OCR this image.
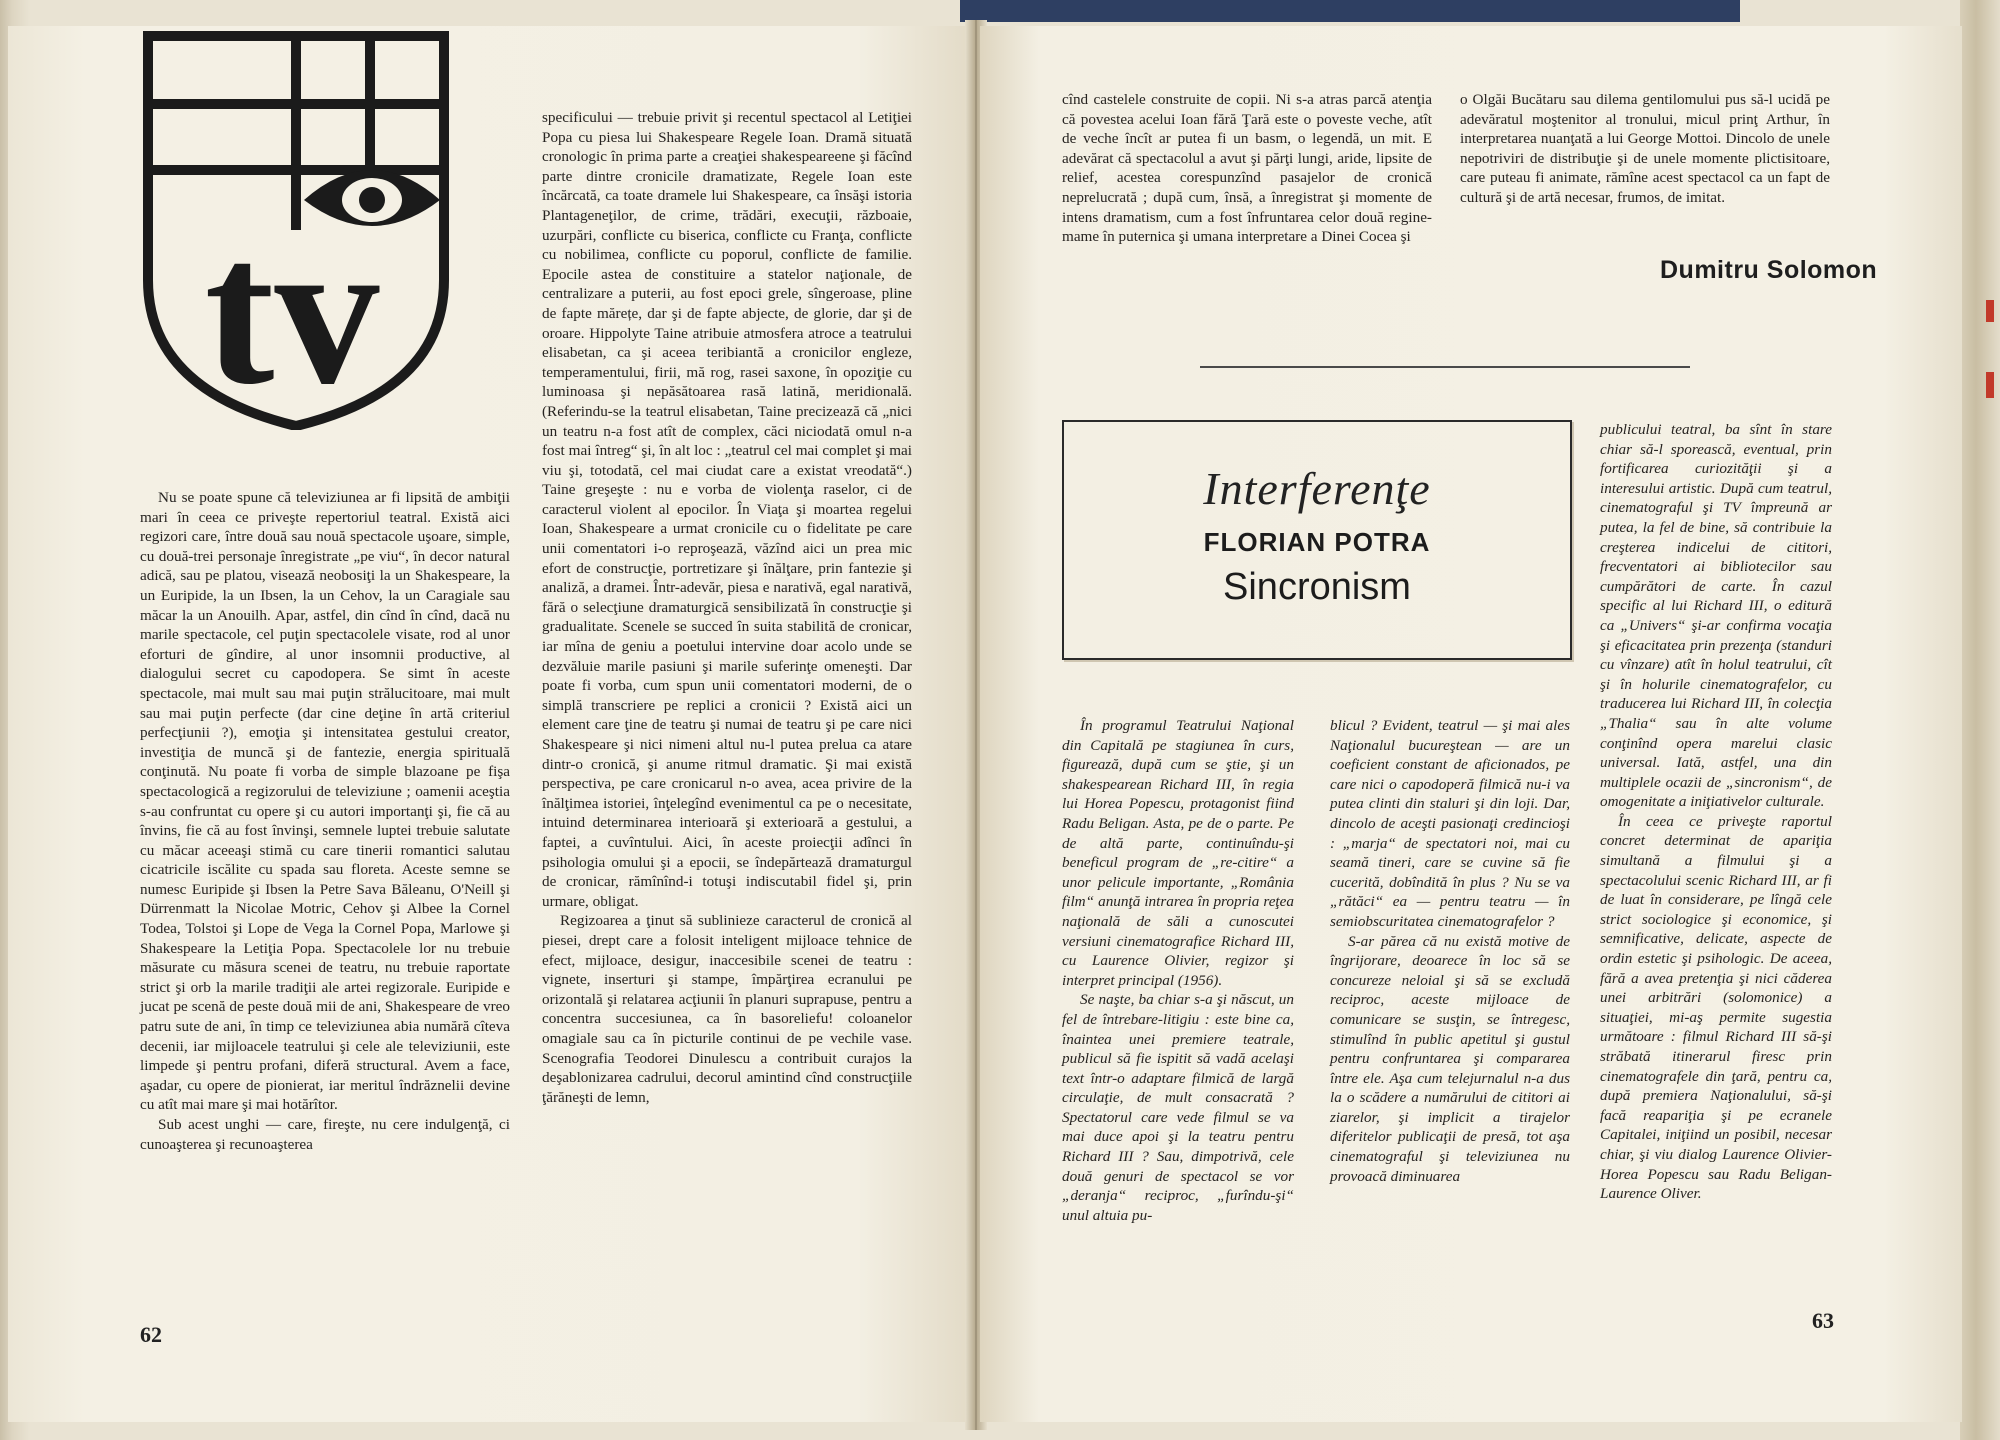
tv

Nu se poate spune că televiziunea ar fi lipsită de ambiţii mari în ceea ce priveşte repertoriul teatral. Există aici regizori care, între două sau nouă spectacole uşoare, simple, cu două-trei personaje înregistrate „pe viu“, în decor natural adică, sau pe platou, visează neobosiţi la un Shakespeare, la un Euripide, la un Ibsen, la un Cehov, la un Caragiale sau măcar la un Anouilh. Apar, astfel, din cînd în cînd, dacă nu marile spectacole, cel puţin spectacolele visate, rod al unor eforturi de gîndire, al unor insomnii productive, al dialogului secret cu capodopera. Se simt în aceste spectacole, mai mult sau mai puţin strălucitoare, mai mult sau mai puţin perfecte (dar cine deţine în artă criteriul perfecţiunii ?), emoţia şi intensitatea gestului creator, investiţia de muncă şi de fantezie, energia spirituală conţinută. Nu poate fi vorba de simple blazoane pe fişa spectacologică a regizorului de televiziune ; oamenii aceştia s-au confruntat cu opere şi cu autori importanţi şi, fie că au învins, fie că au fost învinşi, semnele luptei trebuie salutate cu măcar aceeaşi stimă cu care tinerii romantici salutau cicatricile iscălite cu spada sau floreta. Aceste semne se numesc Euripide şi Ibsen la Petre Sava Băleanu, O'Neill şi Dürrenmatt la Nicolae Motric, Cehov şi Albee la Cornel Todea, Tolstoi şi Lope de Vega la Cornel Popa, Marlowe şi Shakespeare la Letiţia Popa. Spectacolele lor nu trebuie măsurate cu măsura scenei de teatru, nu trebuie raportate strict şi orb la marile tradiţii ale artei regizorale. Euripide e jucat pe scenă de peste două mii de ani, Shakespeare de vreo patru sute de ani, în timp ce televiziunea abia numără cîteva decenii, iar mijloacele teatrului şi cele ale televiziunii, este limpede şi pentru profani, diferă structural. Avem a face, aşadar, cu opere de pionierat, iar meritul îndrăznelii devine cu atît mai mare şi mai hotărîtor.

Sub acest unghi — care, fireşte, nu cere indulgenţă, ci cunoaşterea şi recunoaşterea

specificului — trebuie privit şi recentul spectacol al Letiţiei Popa cu piesa lui Shakespeare Regele Ioan. Dramă situată cronologic în prima parte a creaţiei shakespeareene şi făcînd parte dintre cronicile dramatizate, Regele Ioan este încărcată, ca toate dramele lui Shakespeare, ca însăşi istoria Plantageneţilor, de crime, trădări, execuţii, războaie, uzurpări, conflicte cu biserica, conflicte cu Franţa, conflicte cu nobilimea, conflicte cu poporul, conflicte de familie. Epocile astea de constituire a statelor naţionale, de centralizare a puterii, au fost epoci grele, sîngeroase, pline de fapte mărețe, dar şi de fapte abjecte, de glorie, dar şi de oroare. Hippolyte Taine atribuie atmosfera atroce a teatrului elisabetan, ca şi aceea teribiantă a cronicilor engleze, temperamentului, firii, mă rog, rasei saxone, în opoziţie cu luminoasa şi nepăsătoarea rasă latină, meridională. (Referindu-se la teatrul elisabetan, Taine precizează că „nici un teatru n-a fost atît de complex, căci niciodată omul n-a fost mai întreg“ şi, în alt loc : „teatrul cel mai complet şi mai viu şi, totodată, cel mai ciudat care a existat vreodată“.) Taine greşeşte : nu e vorba de violenţa raselor, ci de caracterul violent al epocilor. În Viaţa şi moartea regelui Ioan, Shakespeare a urmat cronicile cu o fidelitate pe care unii comentatori i-o reproşează, văzînd aici un prea mic efort de construcţie, portretizare şi înălţare, prin fantezie şi analiză, a dramei. Într-adevăr, piesa e narativă, egal narativă, fără o selecţiune dramaturgică sensibilizată în construcţie şi gradualitate. Scenele se succed în suita stabilită de cronicar, iar mîna de geniu a poetului intervine doar acolo unde se dezvăluie marile pasiuni şi marile suferinţe omeneşti. Dar poate fi vorba, cum spun unii comentatori moderni, de o simplă transcriere pe replici a cronicii ? Există aici un element care ţine de teatru şi numai de teatru şi pe care nici Shakespeare şi nici nimeni altul nu-l putea prelua ca atare dintr-o cronică, şi anume ritmul dramatic. Şi mai există perspectiva, pe care cronicarul n-o avea, acea privire de la înălţimea istoriei, înţelegînd evenimentul ca pe o necesitate, intuind determinarea interioară şi exterioară a gestului, a faptei, a cuvîntului. Aici, în aceste proiecţii adînci în psihologia omului şi a epocii, se îndepărtează dramaturgul de cronicar, rămînînd-i totuşi indiscutabil fidel şi, prin urmare, obligat.

Regizoarea a ţinut să sublinieze caracterul de cronică al piesei, drept care a folosit inteligent mijloace tehnice de efect, mijloace, desigur, inaccesibile scenei de teatru : vignete, inserturi şi stampe, împărţirea ecranului pe orizontală şi relatarea acţiunii în planuri suprapuse, pentru a concentra succesiunea, ca în basoreliefu! coloanelor omagiale sau ca în picturile continui de pe vechile vase. Scenografia Teodorei Dinulescu a contribuit curajos la deşablonizarea cadrului, decorul amintind cînd construcţiile ţărăneşti de lemn,

62

cînd castelele construite de copii. Ni s-a atras parcă atenţia că povestea acelui Ioan fără Ţară este o poveste veche, atît de veche încît ar putea fi un basm, o legendă, un mit. E adevărat că spectacolul a avut şi părţi lungi, aride, lipsite de relief, acestea corespunzînd pasajelor de cronică neprelucrată ; după cum, însă, a înregistrat şi momente de intens dramatism, cum a fost înfruntarea celor două regine-mame în puternica şi umana interpretare a Dinei Cocea şi

o Olgăi Bucătaru sau dilema gentilomului pus să-l ucidă pe adevăratul moştenitor al tronului, micul prinţ Arthur, în interpretarea nuanţată a lui George Mottoi. Dincolo de unele nepotriviri de distribuţie şi de unele momente plictisitoare, care puteau fi animate, rămîne acest spectacol ca un fapt de cultură şi de artă necesar, frumos, de imitat.

Dumitru Solomon
Interferenţe
FLORIAN POTRA
Sincronism

publicului teatral, ba sînt în stare chiar să-l sporească, eventual, prin fortificarea curiozităţii şi a interesului artistic. După cum teatrul, cinematograful şi TV împreună ar putea, la fel de bine, să contribuie la creşterea indicelui de cititori, frecventatori ai bibliotecilor sau cumpărători de carte. În cazul specific al lui Richard III, o editură ca „Univers“ şi-ar confirma vocaţia şi eficacitatea prin prezenţa (standuri cu vînzare) atît în holul teatrului, cît şi în holurile cinematografelor, cu traducerea lui Richard III, în colecţia „Thalia“ sau în alte volume conţinînd opera marelui clasic universal. Iată, astfel, una din multiplele ocazii de „sincronism“, de omogenitate a iniţiativelor culturale.

În ceea ce priveşte raportul concret determinat de apariţia simultană a filmului şi a spectacolului scenic Richard III, ar fi de luat în considerare, pe lîngă cele strict sociologice şi economice, şi semnificative, delicate, aspecte de ordin estetic şi psihologic. De aceea, fără a avea pretenţia şi nici căderea unei arbitrări (solomonice) a situaţiei, mi-aş permite sugestia următoare : filmul Richard III să-şi străbată itinerarul firesc prin cinematografele din ţară, pentru ca, după premiera Naţionalului, să-şi facă reapariţia şi pe ecranele Capitalei, iniţiind un posibil, necesar chiar, şi viu dialog Laurence Olivier-Horea Popescu sau Radu Beligan-Laurence Oliver.

În programul Teatrului Naţional din Capitală pe stagiunea în curs, figurează, după cum se ştie, şi un shakespearean Richard III, în regia lui Horea Popescu, protagonist fiind Radu Beligan. Asta, pe de o parte. Pe de altă parte, continuîndu-şi beneficul program de „re-citire“ a unor pelicule importante, „România film“ anunţă intrarea în propria reţea naţională de săli a cunoscutei versiuni cinematografice Richard III, cu Laurence Olivier, regizor şi interpret principal (1956).

Se naşte, ba chiar s-a şi născut, un fel de întrebare-litigiu : este bine ca, înaintea unei premiere teatrale, publicul să fie ispitit să vadă acelaşi text într-o adaptare filmică de largă circulaţie, de mult consacrată ? Spectatorul care vede filmul se va mai duce apoi şi la teatru pentru Richard III ? Sau, dimpotrivă, cele două genuri de spectacol se vor „deranja“ reciproc, „furîndu-şi“ unul altuia pu-

blicul ? Evident, teatrul — şi mai ales Naţionalul bucureştean — are un coeficient constant de aficionados, pe care nici o capodoperă filmică nu-i va putea clinti din staluri şi din loji. Dar, dincolo de aceşti pasionaţi credincioşi : „marja“ de spectatori noi, mai cu seamă tineri, care se cuvine să fie cucerită, dobîndită în plus ? Nu se va „rătăci“ ea — pentru teatru — în semiobscuritatea cinematografelor ?

S-ar părea că nu există motive de îngrijorare, deoarece în loc să se concureze neloial şi să se excludă reciproc, aceste mijloace de comunicare se susţin, se întregesc, stimulînd în public apetitul şi gustul pentru confruntarea şi compararea între ele. Aşa cum telejurnalul n-a dus la o scădere a numărului de cititori ai ziarelor, şi implicit a tirajelor diferitelor publicaţii de presă, tot aşa cinematograful şi televiziunea nu provoacă diminuarea

63
